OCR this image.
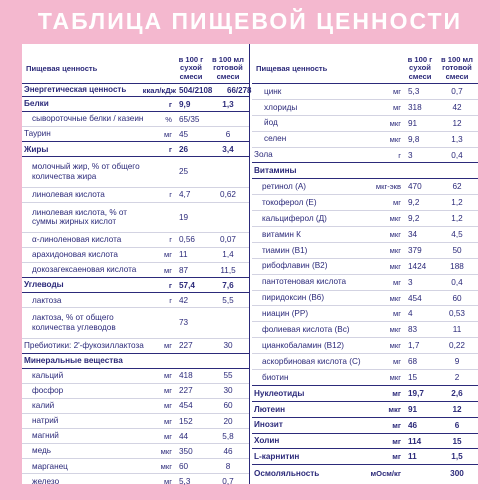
ТАБЛИЦА ПИЩЕВОЙ ЦЕННОСТИ
Пищевая ценность
в 100 г сухой смеси
в 100 мл готовой смеси
Энергетическая ценность	ккал/кДж 504/2108	66/278
Белки	г 9,9	1,3
сывороточные белки / казеин	% 65/35
Таурин	мг 45	6
Жиры	г 26	3,4
молочный жир, % от общего количества жира	25
линолевая кислота	г 4,7	0,62
линолевая кислота, % от суммы жирных кислот	19
α-линоленовая кислота	г 0,56	0,07
арахидоновая кислота	мг 11	1,4
докозагексаеновая кислота	мг 87	11,5
Углеводы	г 57,4	7,6
лактоза	г 42	5,5
лактоза, % от общего количества углеводов	73
Пребиотики: 2'-фукозиллактоза	мг 227	30
Минеральные вещества
кальций	мг 418	55
фосфор	мг 227	30
калий	мг 454	60
натрий	мг 152	20
магний	мг 44	5,8
медь	мкг 350	46
марганец	мкг 60	8
железо	мг 5,3	0,7
Пищевая ценность
в 100 г сухой смеси
в 100 мл готовой смеси
цинк	мг 5,3	0,7
хлориды	мг 318	42
йод	мкг 91	12
селен	мкг 9,8	1,3
Зола	г 3	0,4
Витамины
ретинол (А)	мкг-экв 470	62
токоферол (Е)	мг 9,2	1,2
кальциферол (Д)	мкг 9,2	1,2
витамин К	мкг 34	4,5
тиамин (В1)	мкг 379	50
рибофлавин (В2)	мкг 1424	188
пантотеновая кислота	мг 3	0,4
пиридоксин (В6)	мкг 454	60
ниацин (РР)	мг 4	0,53
фолиевая кислота (Вс)	мкг 83	11
цианкобаламин (В12)	мкг 1,7	0,22
аскорбиновая кислота (С)	мг 68	9
биотин	мкг 15	2
Нуклеотиды	мг 19,7	2,6
Лютеин	мкг 91	12
Инозит	мг 46	6
Холин	мг 114	15
L-карнитин	мг 11	1,5
Осмоляльность	мОсм/кг	300
